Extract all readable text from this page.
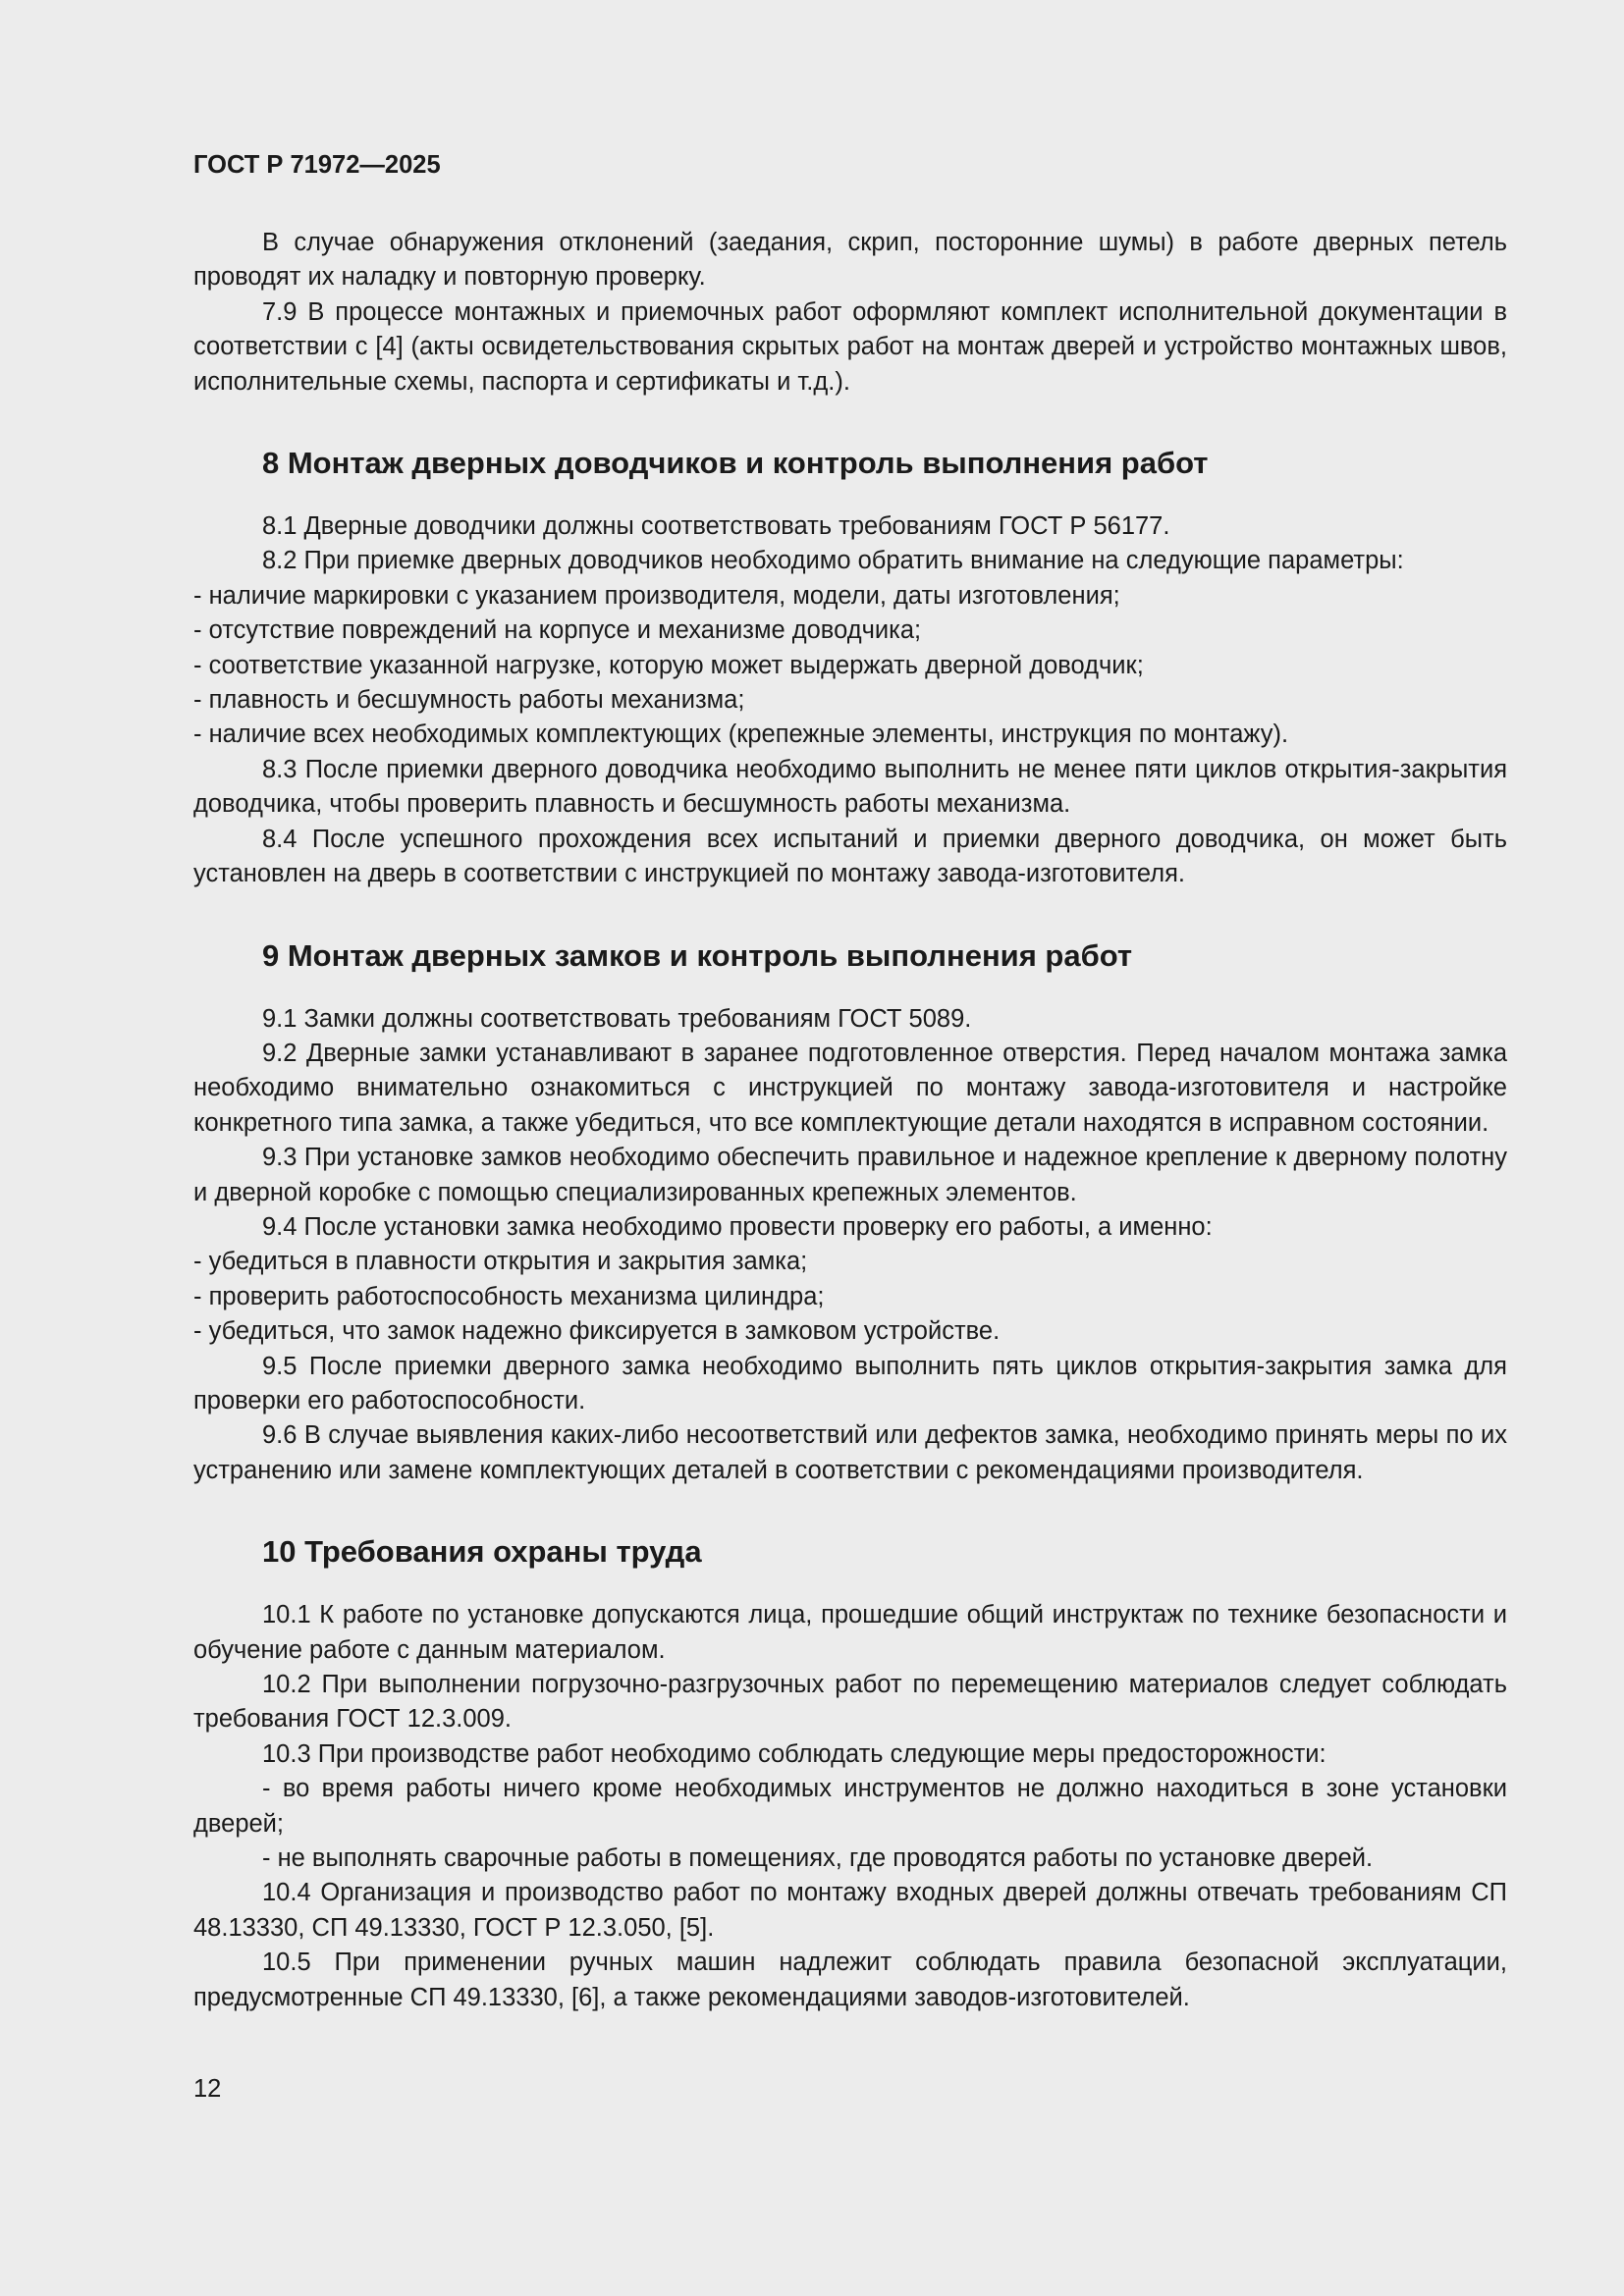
ГОСТ Р 71972—2025

В случае обнаружения отклонений (заедания, скрип, посторонние шумы) в работе дверных петель проводят их наладку и повторную проверку.

7.9 В процессе монтажных и приемочных работ оформляют комплект исполнительной документации в соответствии с [4] (акты освидетельствования скрытых работ на монтаж дверей и устройство монтажных швов, исполнительные схемы, паспорта и сертификаты и т.д.).

8 Монтаж дверных доводчиков и контроль выполнения работ

8.1 Дверные доводчики должны соответствовать требованиям ГОСТ Р 56177.

8.2 При приемке дверных доводчиков необходимо обратить внимание на следующие параметры:

- наличие маркировки с указанием производителя, модели, даты изготовления;

- отсутствие повреждений на корпусе и механизме доводчика;

- соответствие указанной нагрузке, которую может выдержать дверной доводчик;

- плавность и бесшумность работы механизма;

- наличие всех необходимых комплектующих (крепежные элементы, инструкция по монтажу).

8.3 После приемки дверного доводчика необходимо выполнить не менее пяти циклов открытия-закрытия доводчика, чтобы проверить плавность и бесшумность работы механизма.

8.4 После успешного прохождения всех испытаний и приемки дверного доводчика, он может быть установлен на дверь в соответствии с инструкцией по монтажу завода-изготовителя.

9 Монтаж дверных замков и контроль выполнения работ

9.1 Замки должны соответствовать требованиям ГОСТ 5089.

9.2 Дверные замки устанавливают в заранее подготовленное отверстия. Перед началом монтажа замка необходимо внимательно ознакомиться с инструкцией по монтажу завода-изготовителя и настройке конкретного типа замка, а также убедиться, что все комплектующие детали находятся в исправном состоянии.

9.3 При установке замков необходимо обеспечить правильное и надежное крепление к дверному полотну и дверной коробке с помощью специализированных крепежных элементов.

9.4 После установки замка необходимо провести проверку его работы, а именно:

- убедиться в плавности открытия и закрытия замка;

- проверить работоспособность механизма цилиндра;

- убедиться, что замок надежно фиксируется в замковом устройстве.

9.5 После приемки дверного замка необходимо выполнить пять циклов открытия-закрытия замка для проверки его работоспособности.

9.6 В случае выявления каких-либо несоответствий или дефектов замка, необходимо принять меры по их устранению или замене комплектующих деталей в соответствии с рекомендациями производителя.

10 Требования охраны труда

10.1 К работе по установке допускаются лица, прошедшие общий инструктаж по технике безопасности и обучение работе с данным материалом.

10.2 При выполнении погрузочно-разгрузочных работ по перемещению материалов следует соблюдать требования ГОСТ 12.3.009.

10.3 При производстве работ необходимо соблюдать следующие меры предосторожности:

- во время работы ничего кроме необходимых инструментов не должно находиться в зоне установки дверей;

- не выполнять сварочные работы в помещениях, где проводятся работы по установке дверей.

10.4 Организация и производство работ по монтажу входных дверей должны отвечать требованиям СП 48.13330, СП 49.13330, ГОСТ Р 12.3.050, [5].

10.5 При применении ручных машин надлежит соблюдать правила безопасной эксплуатации, предусмотренные СП 49.13330, [6], а также рекомендациями заводов-изготовителей.

12
